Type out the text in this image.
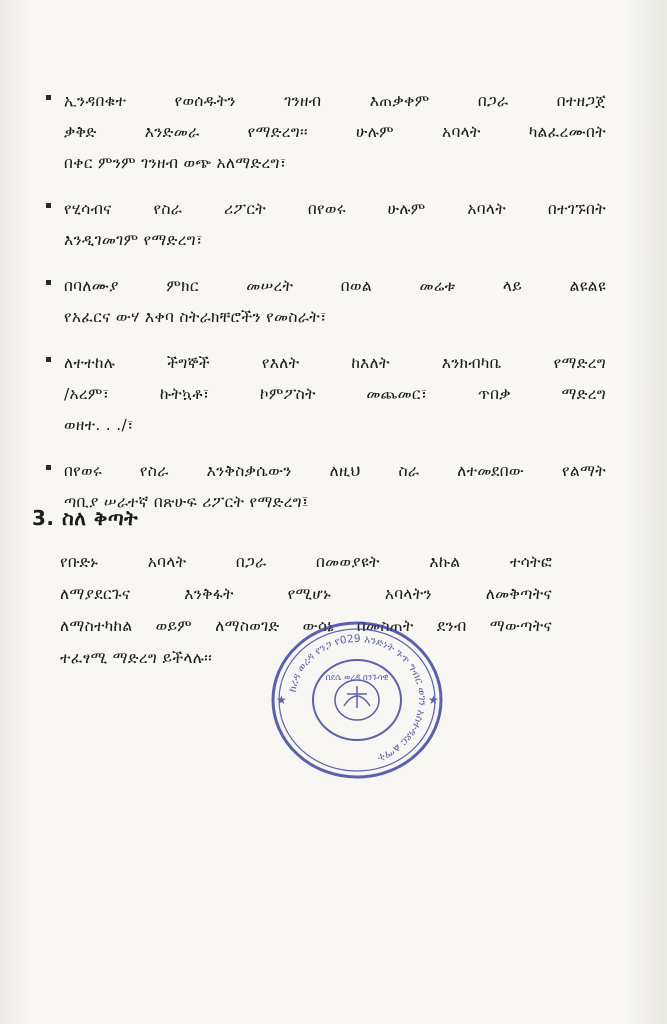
ኢንዳበቁተ የወሰዱትን ገንዘብ እጠቃቀም በጋራ በተዘጋጀ
ቃቅድ እንድመራ የማድረግ፡፡ ሁሉም አባላት ካልፈረሙበት
በቀር ምንም ገንዘብ ወጭ አለማድረግ፣
የሂሳብና የስራ ሪፖርት በየወሩ ሁሉም አባላት በተገኙበት
እንዲገመገም የማድረግ፣
በባለሙያ ምክር መሠረት በወል መሬቱ ላይ ልዩልዩ
የአፈርና ውሃ እቀባ ስትራክቸሮችን የመስራት፣
ለተተከሉ ችግኞች የእለት ከእለት እንክብካቤ የማድረግ
/አረም፣ ኩትኳቶ፣ ኮምፖስት መጨመር፣ ጥበቃ ማድረግ
ወዘተ. . ./፣
በየወሩ የስራ እንቅስቃሴውን ለዚህ ስራ ለተመደበው የልማት
ጣቢያ ሠራተኛ በጽሁፍ ሪፖርት የማድረግ፤
3. ስለ ቅጣት
የቡድኑ አባላት በጋራ በመወያዩት እኩል ተሳትፎ
ለማያደርጉና እንቅፋት የሚሆኑ አባላትን ለመቅጣትና
ለማስተካከል ወይም ለማስወገድ ውሳኔ በመስጠት ደንብ ማውጣትና
ተፈፃሚ ማድረግ ይችላሉ፡፡
★	★
ከረዳ ወረዳ የንጋ የ029 አንድነት ጉጥ ግብር ወገን አስተዳደር ልማት
በደሴ ወረዳ በንጉሳዊ
